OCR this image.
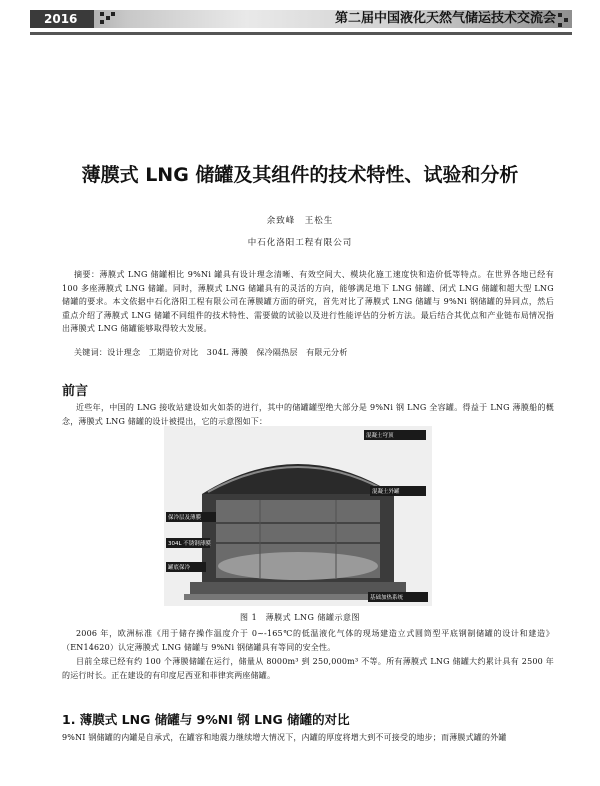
2016	第二届中国液化天然气储运技术交流会
薄膜式 LNG 储罐及其组件的技术特性、试验和分析
余致峰　王松生
中石化洛阳工程有限公司

摘要：薄膜式 LNG 储罐相比 9%Ni 罐具有设计理念清晰、有效空间大、模块化施工速度快和造价低等特点。在世界各地已经有 100 多座薄膜式 LNG 储罐。同时，薄膜式 LNG 储罐具有的灵活的方向，能够满足地下 LNG 储罐、闭式 LNG 储罐和超大型 LNG 储罐的要求。本文依据中石化洛阳工程有限公司在薄膜罐方面的研究，首先对比了薄膜式 LNG 储罐与 9%Ni 钢储罐的异同点，然后重点介绍了薄膜式 LNG 储罐不同组件的技术特性、需要做的试验以及进行性能评估的分析方法。最后结合其优点和产业链布局情况指出薄膜式 LNG 储罐能够取得较大发展。

关键词：设计理念　工期造价对比　304L 薄膜　保冷隔热层　有限元分析
前言

近些年，中国的 LNG 接收站建设如火如荼的进行，其中的储罐罐型绝大部分是 9%Ni 钢 LNG 全容罐。得益于 LNG 薄膜船的概念，薄膜式 LNG 储罐的设计被提出，它的示意图如下：

保冷层及薄膜
304L 不锈钢薄膜
罐底保冷
混凝土穹顶
混凝土外罐
基础加热系统
图 1　薄膜式 LNG 储罐示意图

2006 年，欧洲标准《用于储存操作温度介于 0~-165℃的低温液化气体的现场建造立式圆筒型平底钢制储罐的设计和建造》（EN14620）认定薄膜式 LNG 储罐与 9%Ni 钢储罐具有等同的安全性。

目前全球已经有约 100 个薄膜储罐在运行，储量从 8000m³ 到 250,000m³ 不等。所有薄膜式 LNG 储罐大约累计具有 2500 年的运行时长。正在建设的有印度尼西亚和菲律宾两座储罐。

1. 薄膜式 LNG 储罐与 9%NI 钢 LNG 储罐的对比
9%NI 钢储罐的内罐是自承式，在罐容和地震力继续增大情况下，内罐的厚度将增大到不可接受的地步；而薄膜式罐的外罐
